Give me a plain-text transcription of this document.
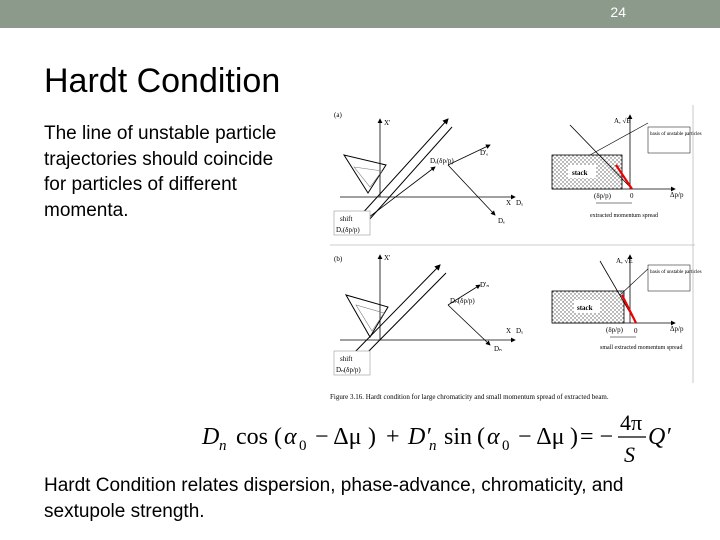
24
Hardt Condition
The line of unstable particle trajectories should coincide for particles of different momenta.
(a)
X'
X Dₓ
D'ₑ
Dₑ(δp/p)
Dₑ
shift
Dₑ(δp/p)
stack
A, √E
basis of unstable particles
Δp/p
0
(δp/p)
extracted momentum spread
(b)	X'
X Dₓ
D'ₙ
Dₙ(δp/p)
Dₙ
shift
Dₙ(δp/p)
stack
A, √E
basis of unstable particles
Δp/p
0
(δp/p)
small extracted momentum spread
Figure 3.16. Hardt condition for large chromaticity and small momentum spread of extracted beam.
D n cos ( α 0 − Δμ ) + D′
n sin ( α 0 − Δμ ) = −
4π
S
Q′
Hardt Condition relates dispersion, phase-advance, chromaticity, and sextupole strength.
